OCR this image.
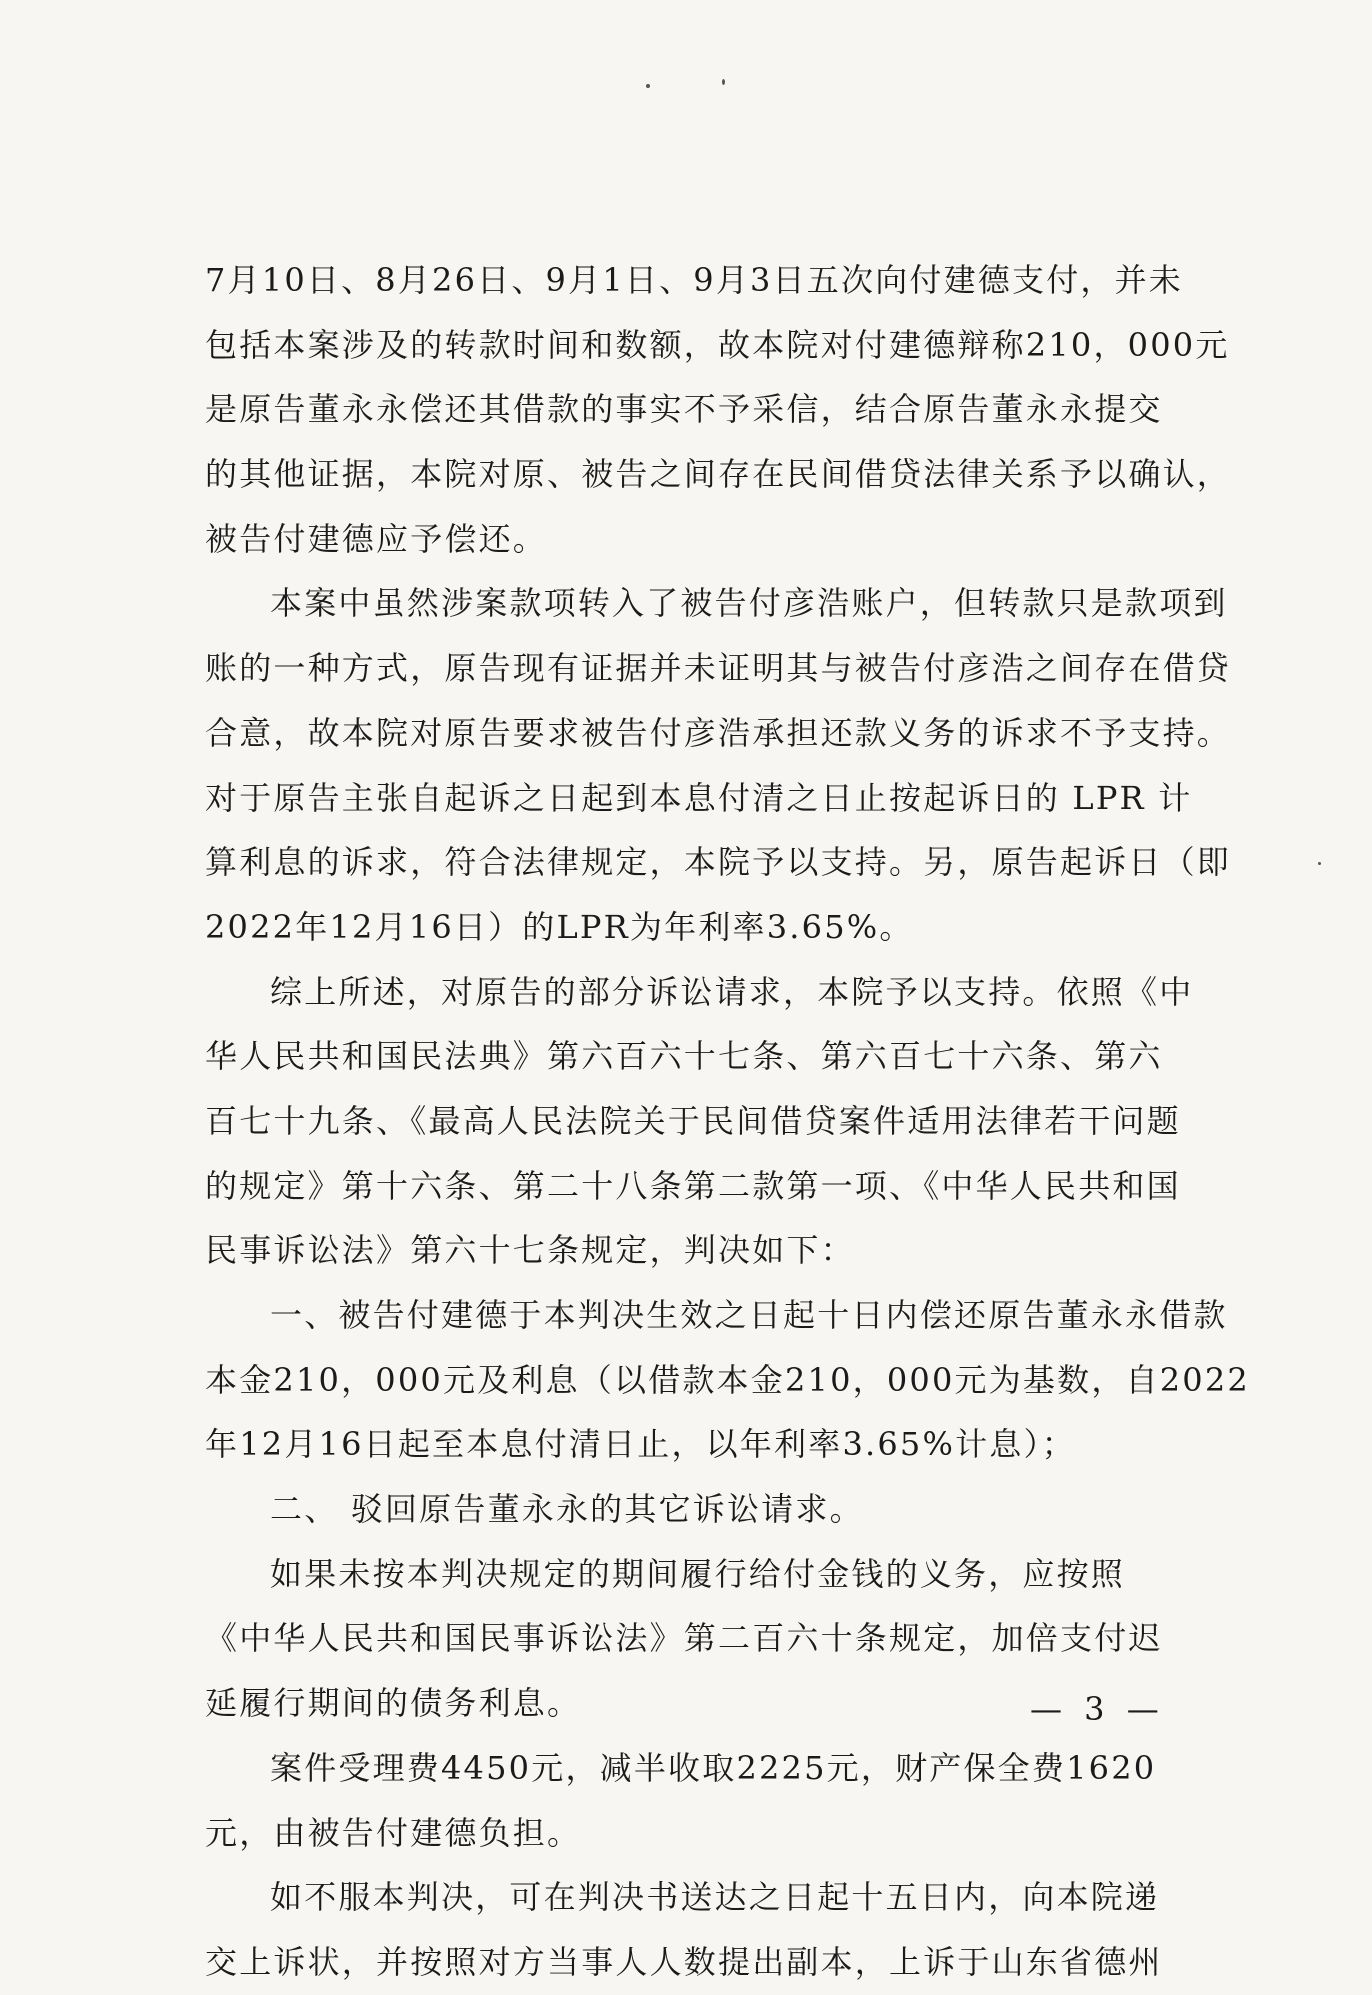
7月10日、8月26日、9月1日、9月3日五次向付建德支付，并未
包括本案涉及的转款时间和数额，故本院对付建德辩称210，000元
是原告董永永偿还其借款的事实不予采信，结合原告董永永提交
的其他证据，本院对原、被告之间存在民间借贷法律关系予以确认，
被告付建德应予偿还。
本案中虽然涉案款项转入了被告付彦浩账户，但转款只是款项到
账的一种方式，原告现有证据并未证明其与被告付彦浩之间存在借贷
合意，故本院对原告要求被告付彦浩承担还款义务的诉求不予支持。
对于原告主张自起诉之日起到本息付清之日止按起诉日的 LPR 计
算利息的诉求，符合法律规定，本院予以支持。另，原告起诉日（即
2022年12月16日）的LPR为年利率3.65%。
综上所述，对原告的部分诉讼请求，本院予以支持。依照《中
华人民共和国民法典》第六百六十七条、第六百七十六条、第六
百七十九条、《最高人民法院关于民间借贷案件适用法律若干问题
的规定》第十六条、第二十八条第二款第一项、《中华人民共和国
民事诉讼法》第六十七条规定，判决如下：
一、被告付建德于本判决生效之日起十日内偿还原告董永永借款
本金210，000元及利息（以借款本金210，000元为基数，自2022
年12月16日起至本息付清日止，以年利率3.65%计息）；
二、 驳回原告董永永的其它诉讼请求。
如果未按本判决规定的期间履行给付金钱的义务，应按照
《中华人民共和国民事诉讼法》第二百六十条规定，加倍支付迟
延履行期间的债务利息。
案件受理费4450元，减半收取2225元，财产保全费1620
元，由被告付建德负担。
如不服本判决，可在判决书送达之日起十五日内，向本院递
交上诉状，并按照对方当事人人数提出副本，上诉于山东省德州
— 3 —
